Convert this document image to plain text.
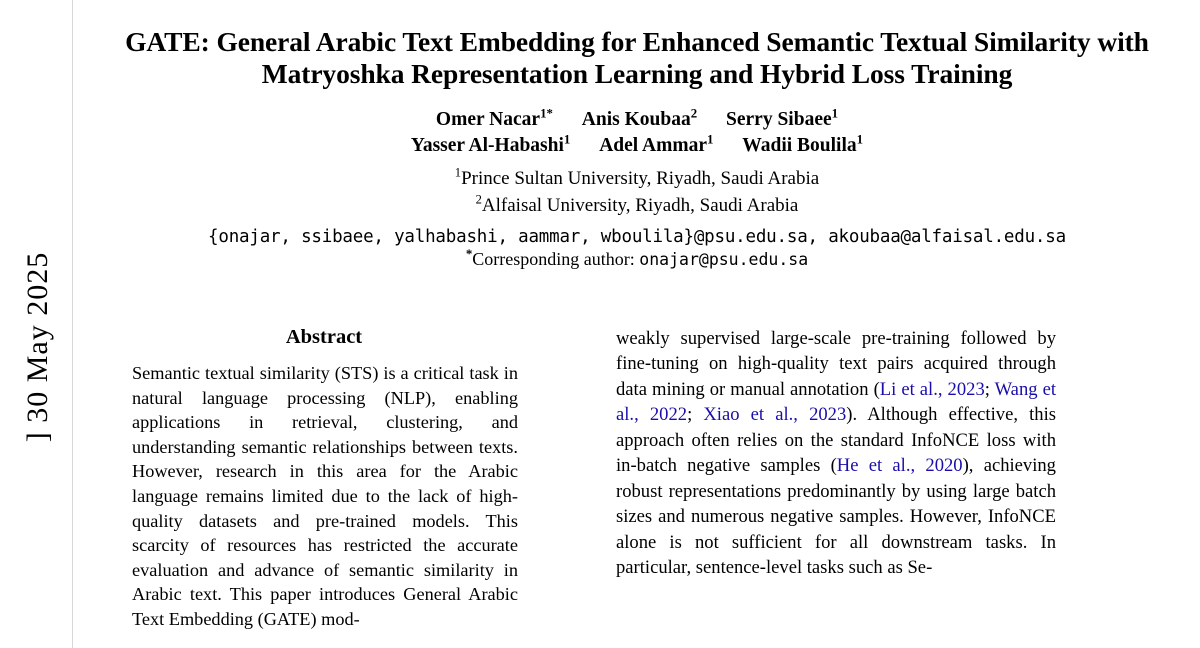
] 30 May 2025
GATE: General Arabic Text Embedding for Enhanced Semantic Textual Similarity with Matryoshka Representation Learning and Hybrid Loss Training
Omer Nacar$^{1*}$ Anis Koubaa$^2$ Serry Sibaee$^1$
Yasser Al-Habashi$^1$ Adel Ammar$^1$ Wadii Boulila$^1$
$^1$Prince Sultan University, Riyadh, Saudi Arabia
$^2$Alfaisal University, Riyadh, Saudi Arabia
{onajar, ssibaee, yalhabashi, aammar, wboulila}@psu.edu.sa, akoubaa@alfaisal.edu.sa
*Corresponding author: onajar@psu.edu.sa
Abstract
Semantic textual similarity (STS) is a critical task in natural language processing (NLP), enabling applications in retrieval, clustering, and understanding semantic relationships between texts. However, research in this area for the Arabic language remains limited due to the lack of high-quality datasets and pre-trained models. This scarcity of resources has restricted the accurate evaluation and advance of semantic similarity in Arabic text. This paper introduces General Arabic Text Embedding (GATE) mod-

weakly supervised large-scale pre-training followed by fine-tuning on high-quality text pairs acquired through data mining or manual annotation (Li et al., 2023; Wang et al., 2022; Xiao et al., 2023). Although effective, this approach often relies on the standard InfoNCE loss with in-batch negative samples (He et al., 2020), achieving robust representations predominantly by using large batch sizes and numerous negative samples. However, InfoNCE alone is not sufficient for all downstream tasks. In particular, sentence-level tasks such as Se-
